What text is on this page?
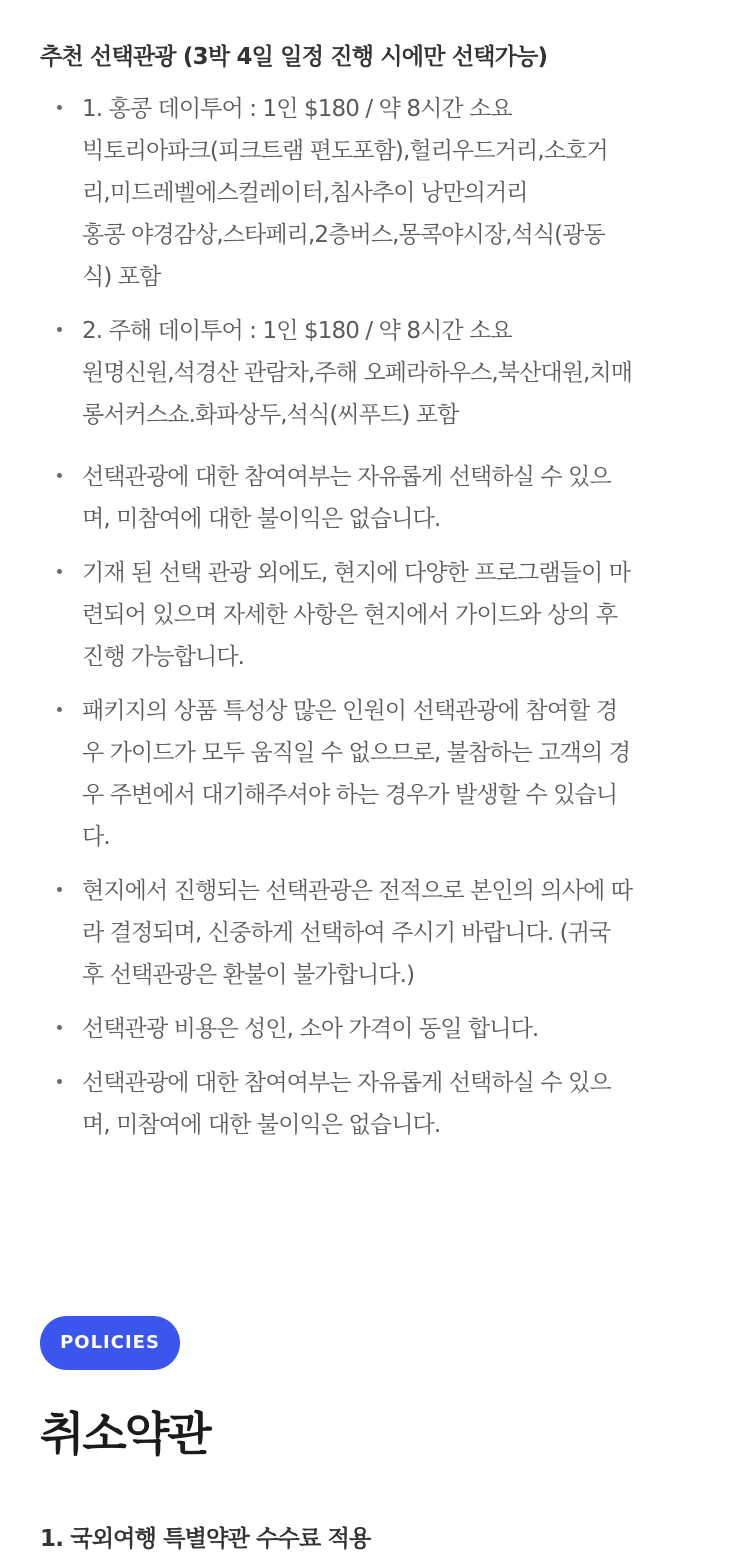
추천 선택관광 (3박 4일 일정 진행 시에만 선택가능)
1. 홍콩 데이투어 : 1인 $180 / 약 8시간 소요
빅토리아파크(피크트램 편도포함),헐리우드거리,소호거
리,미드레벨에스컬레이터,침사추이 낭만의거리
홍콩 야경감상,스타페리,2층버스,몽콕야시장,석식(광동
식) 포함
2. 주해 데이투어 : 1인 $180 / 약 8시간 소요
원명신원,석경산 관람차,주해 오페라하우스,북산대원,치매
롱서커스쇼.화파상두,석식(씨푸드) 포함
선택관광에 대한 참여여부는 자유롭게 선택하실 수 있으
며, 미참여에 대한 불이익은 없습니다.
기재 된 선택 관광 외에도, 현지에 다양한 프로그램들이 마
련되어 있으며 자세한 사항은 현지에서 가이드와 상의 후
진행 가능합니다.
패키지의 상품 특성상 많은 인원이 선택관광에 참여할 경
우 가이드가 모두 움직일 수 없으므로, 불참하는 고객의 경
우 주변에서 대기해주셔야 하는 경우가 발생할 수 있습니
다.
현지에서 진행되는 선택관광은 전적으로 본인의 의사에 따
라 결정되며, 신중하게 선택하여 주시기 바랍니다. (귀국
후 선택관광은 환불이 불가합니다.)
선택관광 비용은 성인, 소아 가격이 동일 합니다.
선택관광에 대한 참여여부는 자유롭게 선택하실 수 있으
며, 미참여에 대한 불이익은 없습니다.
POLICIES
취소약관
1. 국외여행 특별약관 수수료 적용
